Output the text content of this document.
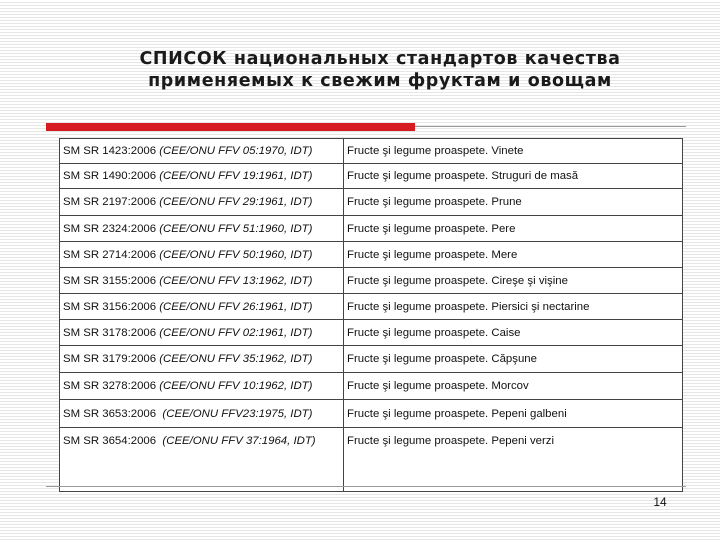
СПИСОК национальных стандартов качества
применяемых к свежим фруктам и овощам
SM SR 1423:2006 (CEE/ONU FFV 05:1970, IDT)	Fructe şi legume proaspete. Vinete
SM SR 1490:2006 (CEE/ONU FFV 19:1961, IDT)	Fructe şi legume proaspete. Struguri de masă
SM SR 2197:2006 (CEE/ONU FFV 29:1961, IDT)	Fructe şi legume proaspete. Prune
SM SR 2324:2006 (CEE/ONU FFV 51:1960, IDT)	Fructe şi legume proaspete. Pere
SM SR 2714:2006 (CEE/ONU FFV 50:1960, IDT)	Fructe şi legume proaspete. Mere
SM SR 3155:2006 (CEE/ONU FFV 13:1962, IDT)	Fructe şi legume proaspete. Cireşe şi vişine
SM SR 3156:2006 (CEE/ONU FFV 26:1961, IDT)	Fructe şi legume proaspete. Piersici şi nectarine
SM SR 3178:2006 (CEE/ONU FFV 02:1961, IDT)	Fructe şi legume proaspete. Caise
SM SR 3179:2006 (CEE/ONU FFV 35:1962, IDT)	Fructe şi legume proaspete. Căpşune
SM SR 3278:2006 (CEE/ONU FFV 10:1962, IDT)	Fructe şi legume proaspete. Morcov
SM SR 3653:2006  (CEE/ONU FFV23:1975, IDT)	Fructe şi legume proaspete. Pepeni galbeni
SM SR 3654:2006  (CEE/ONU FFV 37:1964, IDT)	Fructe şi legume proaspete. Pepeni verzi
14
